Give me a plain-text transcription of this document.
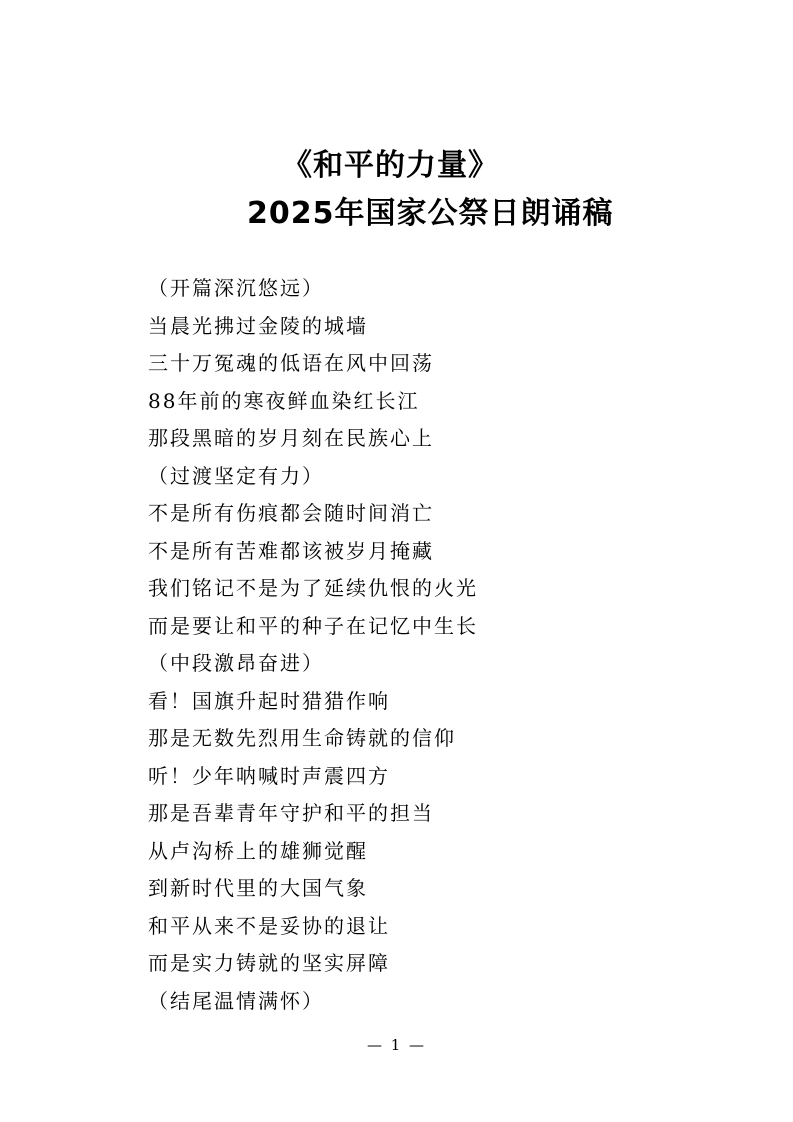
《和平的力量》
2025年国家公祭日朗诵稿
（开篇深沉悠远）
当晨光拂过金陵的城墙
三十万冤魂的低语在风中回荡
88年前的寒夜鲜血染红长江
那段黑暗的岁月刻在民族心上
（过渡坚定有力）
不是所有伤痕都会随时间消亡
不是所有苦难都该被岁月掩藏
我们铭记不是为了延续仇恨的火光
而是要让和平的种子在记忆中生长
（中段激昂奋进）
看！国旗升起时猎猎作响
那是无数先烈用生命铸就的信仰
听！少年呐喊时声震四方
那是吾辈青年守护和平的担当
从卢沟桥上的雄狮觉醒
到新时代里的大国气象
和平从来不是妥协的退让
而是实力铸就的坚实屏障
（结尾温情满怀）
— 1 —
